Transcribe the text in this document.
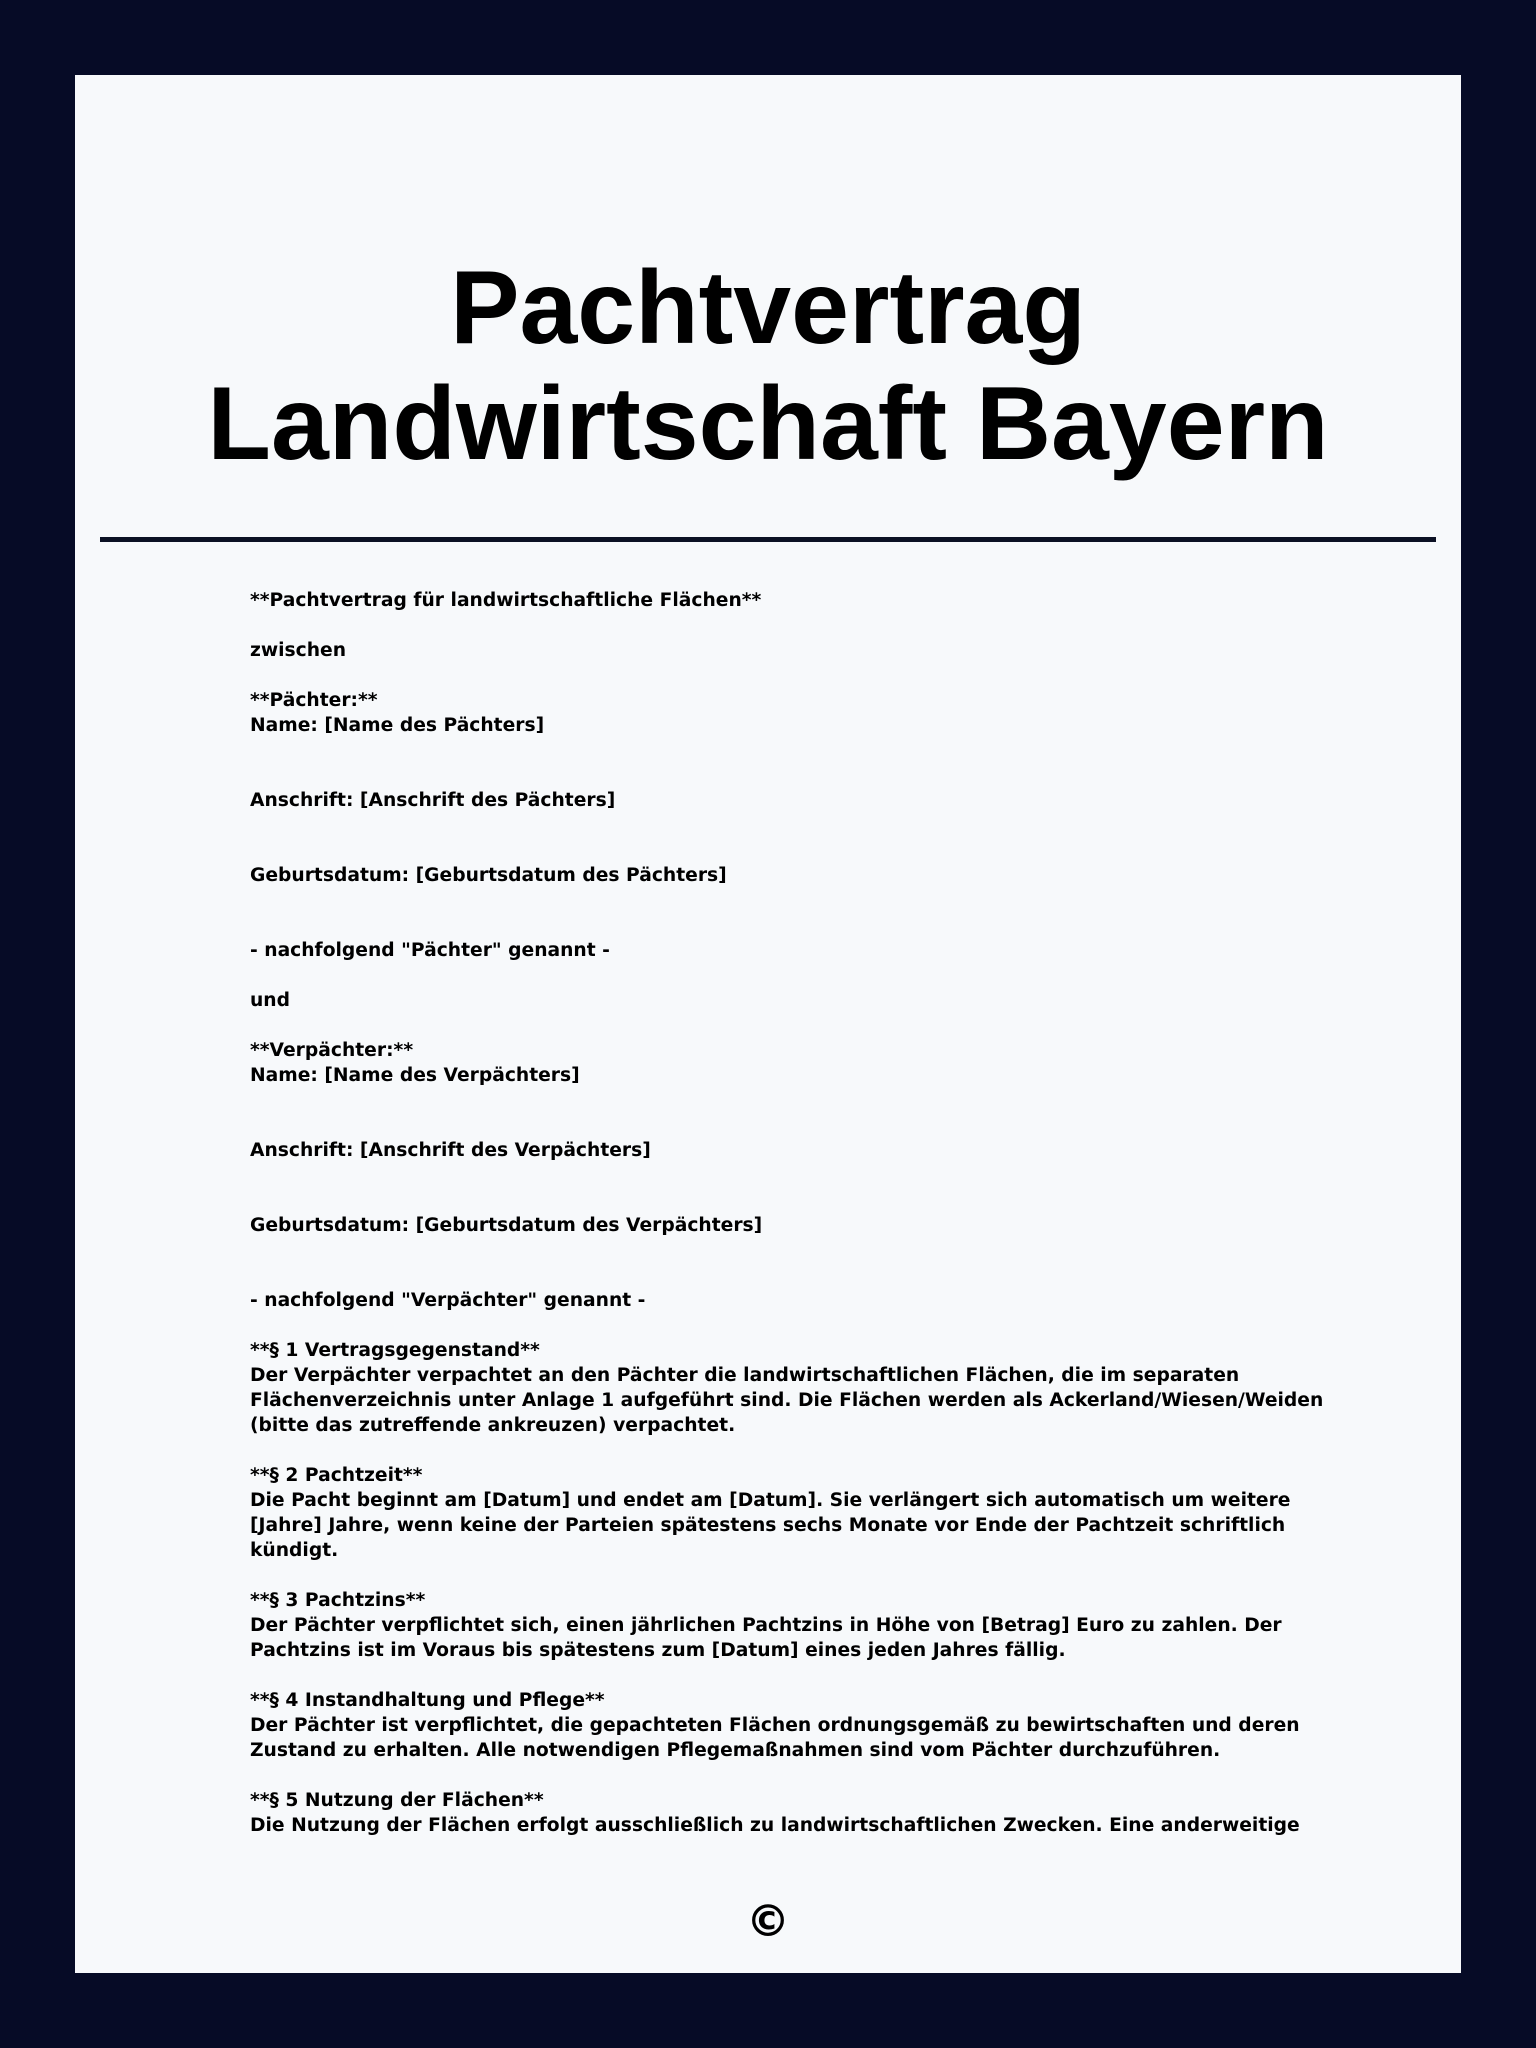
Pachtvertrag Landwirtschaft Bayern

**Pachtvertrag für landwirtschaftliche Flächen**

zwischen

**Pächter:**

Name: [Name des Pächters]

Anschrift: [Anschrift des Pächters]

Geburtsdatum: [Geburtsdatum des Pächters]

- nachfolgend "Pächter" genannt -

und

**Verpächter:**

Name: [Name des Verpächters]

Anschrift: [Anschrift des Verpächters]

Geburtsdatum: [Geburtsdatum des Verpächters]

- nachfolgend "Verpächter" genannt -

**§ 1 Vertragsgegenstand**

Der Verpächter verpachtet an den Pächter die landwirtschaftlichen Flächen, die im separaten Flächenverzeichnis unter Anlage 1 aufgeführt sind. Die Flächen werden als Ackerland/Wiesen/Weiden (bitte das zutreffende ankreuzen) verpachtet.

**§ 2 Pachtzeit**

Die Pacht beginnt am [Datum] und endet am [Datum]. Sie verlängert sich automatisch um weitere [Jahre] Jahre, wenn keine der Parteien spätestens sechs Monate vor Ende der Pachtzeit schriftlich kündigt.

**§ 3 Pachtzins**

Der Pächter verpflichtet sich, einen jährlichen Pachtzins in Höhe von [Betrag] Euro zu zahlen. Der Pachtzins ist im Voraus bis spätestens zum [Datum] eines jeden Jahres fällig.

**§ 4 Instandhaltung und Pflege**

Der Pächter ist verpflichtet, die gepachteten Flächen ordnungsgemäß zu bewirtschaften und deren Zustand zu erhalten. Alle notwendigen Pflegemaßnahmen sind vom Pächter durchzuführen.

**§ 5 Nutzung der Flächen**

Die Nutzung der Flächen erfolgt ausschließlich zu landwirtschaftlichen Zwecken. Eine anderweitige

©
